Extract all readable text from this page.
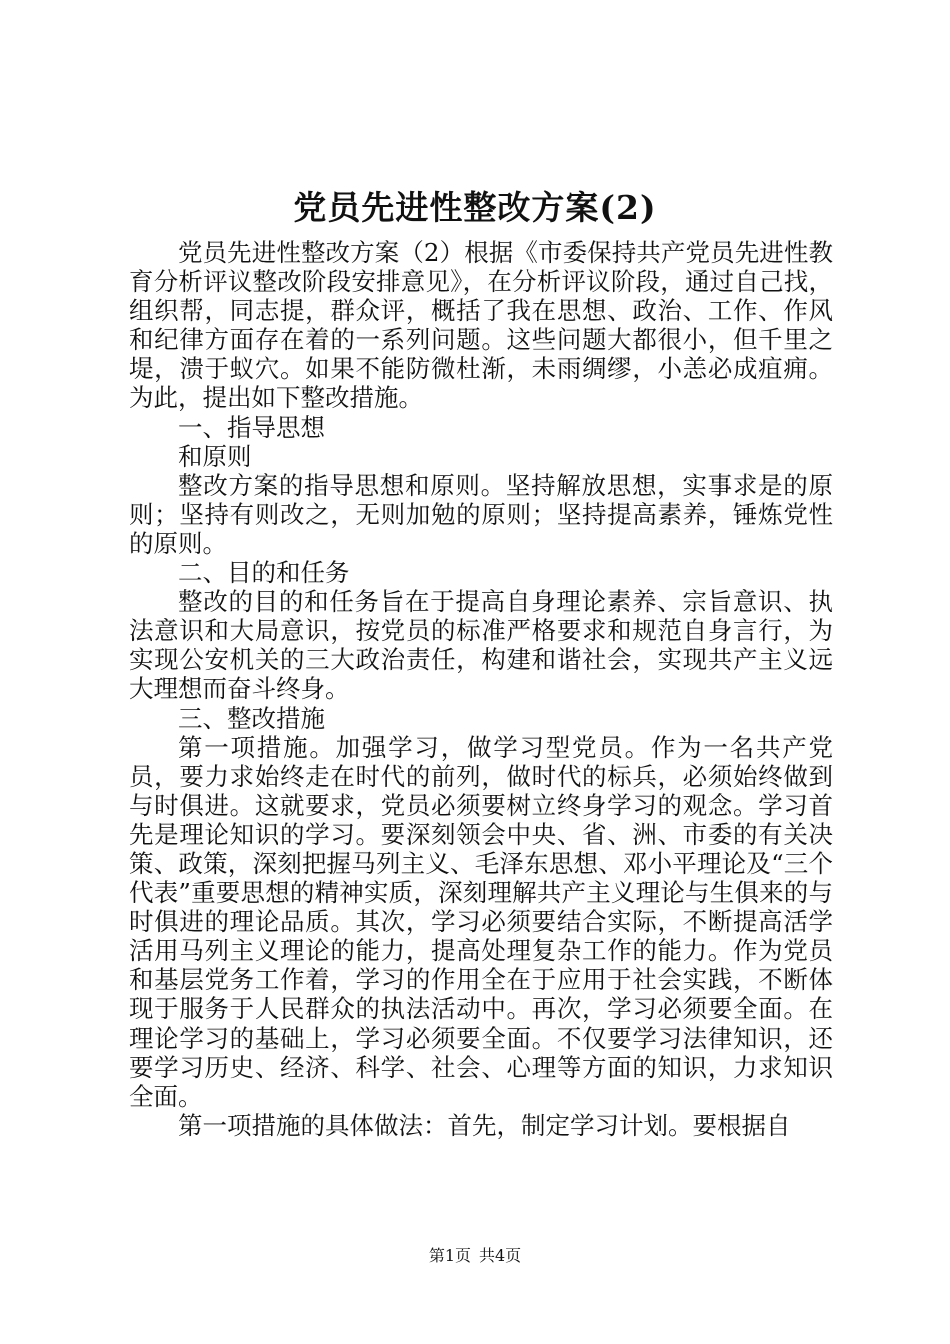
党员先进性整改方案(2)

党员先进性整改方案（2）根据《市委保持共产党员先进性教育分析评议整改阶段安排意见》，在分析评议阶段，通过自己找，组织帮，同志提，群众评，概括了我在思想、政治、工作、作风和纪律方面存在着的一系列问题。这些问题大都很小，但千里之堤，溃于蚁穴。如果不能防微杜渐，未雨绸缪，小恙必成疽痈。为此，提出如下整改措施。

一、指导思想

和原则

整改方案的指导思想和原则。坚持解放思想，实事求是的原则；坚持有则改之，无则加勉的原则；坚持提高素养，锤炼党性的原则。

二、目的和任务

整改的目的和任务旨在于提高自身理论素养、宗旨意识、执法意识和大局意识，按党员的标准严格要求和规范自身言行，为实现公安机关的三大政治责任，构建和谐社会，实现共产主义远大理想而奋斗终身。

三、整改措施

第一项措施。加强学习，做学习型党员。作为一名共产党员，要力求始终走在时代的前列，做时代的标兵，必须始终做到与时俱进。这就要求，党员必须要树立终身学习的观念。学习首先是理论知识的学习。要深刻领会中央、省、洲、市委的有关决策、政策，深刻把握马列主义、毛泽东思想、邓小平理论及“三个代表”重要思想的精神实质，深刻理解共产主义理论与生俱来的与时俱进的理论品质。其次，学习必须要结合实际，不断提高活学活用马列主义理论的能力，提高处理复杂工作的能力。作为党员和基层党务工作着，学习的作用全在于应用于社会实践，不断体现于服务于人民群众的执法活动中。再次，学习必须要全面。在理论学习的基础上，学习必须要全面。不仅要学习法律知识，还要学习历史、经济、科学、社会、心理等方面的知识，力求知识全面。

第一项措施的具体做法：首先，制定学习计划。要根据自

第1页 共4页
